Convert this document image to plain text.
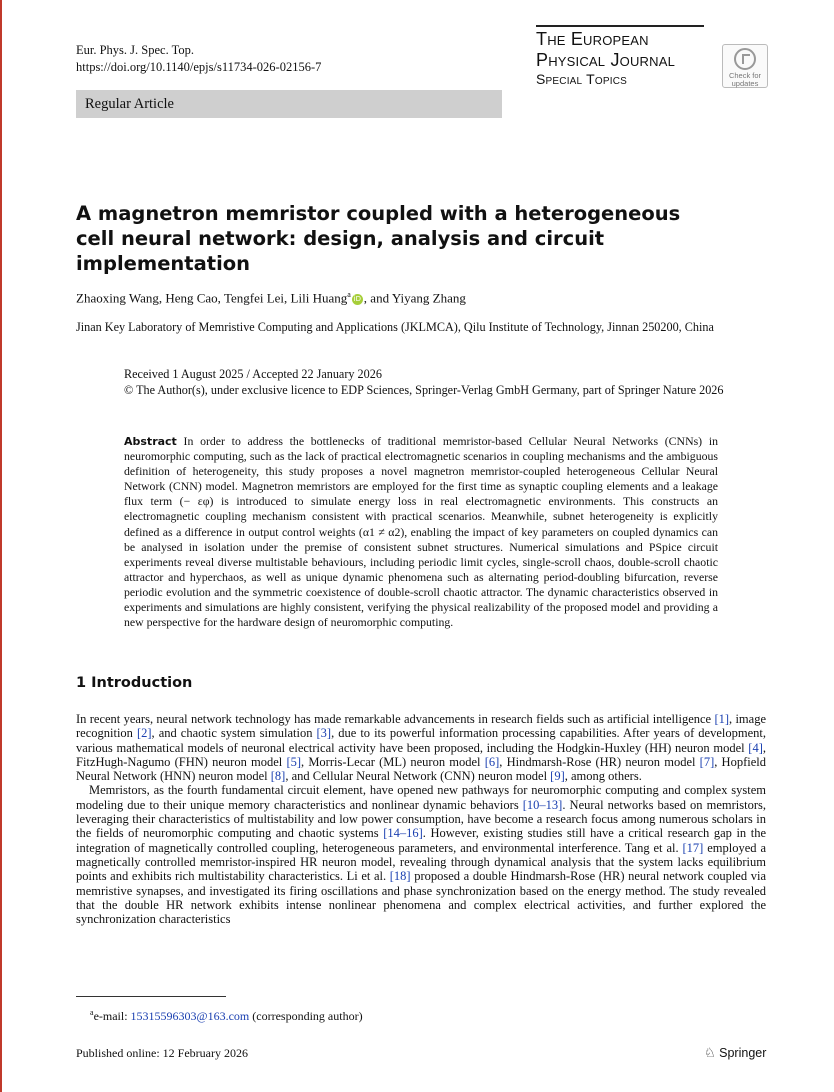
Eur. Phys. J. Spec. Top.
https://doi.org/10.1140/epjs/s11734-026-02156-7
The European
Physical Journal
Special Topics	Check for
updates
Regular Article
A magnetron memristor coupled with a heterogeneous cell neural network: design, analysis and circuit implementation
Zhaoxing Wang, Heng Cao, Tengfei Lei, Lili Huang$^a$ iD , and Yiyang Zhang
Jinan Key Laboratory of Memristive Computing and Applications (JKLMCA), Qilu Institute of Technology, Jinnan 250200, China
Received 1 August 2025 / Accepted 22 January 2026
© The Author(s), under exclusive licence to EDP Sciences, Springer-Verlag GmbH Germany, part of Springer Nature 2026

Abstract In order to address the bottlenecks of traditional memristor-based Cellular Neural Networks (CNNs) in neuromorphic computing, such as the lack of practical electromagnetic scenarios in coupling mechanisms and the ambiguous definition of heterogeneity, this study proposes a novel magnetron memristor-coupled heterogeneous Cellular Neural Network (CNN) model. Magnetron memristors are employed for the first time as synaptic coupling elements and a leakage flux term (− εφ) is introduced to simulate energy loss in real electromagnetic environments. This constructs an electromagnetic coupling mechanism consistent with practical scenarios. Meanwhile, subnet heterogeneity is explicitly defined as a difference in output control weights (α1 ≠ α2), enabling the impact of key parameters on coupled dynamics can be analysed in isolation under the premise of consistent subnet structures. Numerical simulations and PSpice circuit experiments reveal diverse multistable behaviours, including periodic limit cycles, single-scroll chaos, double-scroll chaotic attractor and hyperchaos, as well as unique dynamic phenomena such as alternating period-doubling bifurcation, reverse periodic evolution and the symmetric coexistence of double-scroll chaotic attractor. The dynamic characteristics observed in experiments and simulations are highly consistent, verifying the physical realizability of the proposed model and providing a new perspective for the hardware design of neuromorphic computing.

1 Introduction

In recent years, neural network technology has made remarkable advancements in research fields such as artificial intelligence [1], image recognition [2], and chaotic system simulation [3], due to its powerful information processing capabilities. After years of development, various mathematical models of neuronal electrical activity have been proposed, including the Hodgkin-Huxley (HH) neuron model [4], FitzHugh-Nagumo (FHN) neuron model [5], Morris-Lecar (ML) neuron model [6], Hindmarsh-Rose (HR) neuron model [7], Hopfield Neural Network (HNN) neuron model [8], and Cellular Neural Network (CNN) neuron model [9], among others.

Memristors, as the fourth fundamental circuit element, have opened new pathways for neuromorphic computing and complex system modeling due to their unique memory characteristics and nonlinear dynamic behaviors [10–13]. Neural networks based on memristors, leveraging their characteristics of multistability and low power consumption, have become a research focus among numerous scholars in the fields of neuromorphic computing and chaotic systems [14–16]. However, existing studies still have a critical research gap in the integration of magnetically controlled coupling, heterogeneous parameters, and environmental interference. Tang et al. [17] employed a magnetically controlled memristor-inspired HR neuron model, revealing through dynamical analysis that the system lacks equilibrium points and exhibits rich multistability characteristics. Li et al. [18] proposed a double Hindmarsh-Rose (HR) neural network coupled via memristive synapses, and investigated its firing oscillations and phase synchronization based on the energy method. The study revealed that the double HR network exhibits intense nonlinear phenomena and complex electrical activities, and further explored the synchronization characteristics

$^a$e-mail: 15315596303@163.com (corresponding author)
Published online: 12 February 2026	♘ Springer
